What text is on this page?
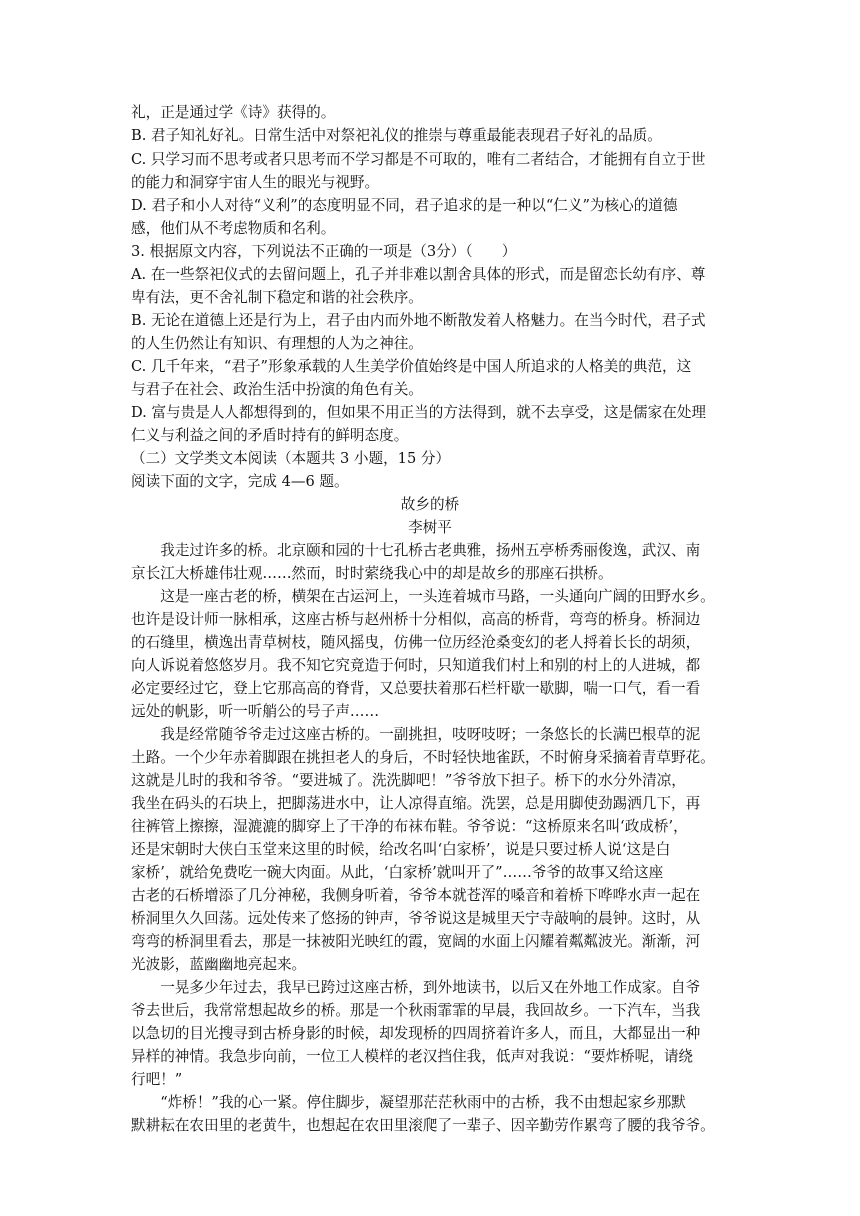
礼，正是通过学《诗》获得的。
B. 君子知礼好礼。日常生活中对祭祀礼仪的推崇与尊重最能表现君子好礼的品质。
C. 只学习而不思考或者只思考而不学习都是不可取的，唯有二者结合，才能拥有自立于世
的能力和洞穿宇宙人生的眼光与视野。
D. 君子和小人对待“义利”的态度明显不同，君子追求的是一种以“仁义”为核心的道德
感，他们从不考虑物质和名利。
3. 根据原文内容，下列说法不正确的一项是（3分）（　　）
A. 在一些祭祀仪式的去留问题上，孔子并非难以割舍具体的形式，而是留恋长幼有序、尊
卑有法，更不舍礼制下稳定和谐的社会秩序。
B. 无论在道德上还是行为上，君子由内而外地不断散发着人格魅力。在当今时代，君子式
的人生仍然让有知识、有理想的人为之神往。
C. 几千年来，“君子”形象承载的人生美学价值始终是中国人所追求的人格美的典范，这
与君子在社会、政治生活中扮演的角色有关。
D. 富与贵是人人都想得到的，但如果不用正当的方法得到，就不去享受，这是儒家在处理
仁义与利益之间的矛盾时持有的鲜明态度。
（二）文学类文本阅读（本题共 3 小题，15 分）
阅读下面的文字，完成 4—6 题。
故乡的桥
李树平
　　我走过许多的桥。北京颐和园的十七孔桥古老典雅，扬州五亭桥秀丽俊逸，武汉、南
京长江大桥雄伟壮观……然而，时时萦绕我心中的却是故乡的那座石拱桥。
　　这是一座古老的桥，横架在古运河上，一头连着城市马路，一头通向广阔的田野水乡。
也许是设计师一脉相承，这座古桥与赵州桥十分相似，高高的桥背，弯弯的桥身。桥洞边
的石缝里，横逸出青草树枝，随风摇曳，仿佛一位历经沧桑变幻的老人捋着长长的胡须，
向人诉说着悠悠岁月。我不知它究竟造于何时，只知道我们村上和别的村上的人进城，都
必定要经过它，登上它那高高的脊背，又总要扶着那石栏杆歇一歇脚，喘一口气，看一看
远处的帆影，听一听艄公的号子声……
　　我是经常随爷爷走过这座古桥的。一副挑担，吱呀吱呀；一条悠长的长满巴根草的泥
土路。一个少年赤着脚跟在挑担老人的身后，不时轻快地雀跃，不时俯身采摘着青草野花。
这就是儿时的我和爷爷。“要进城了。洗洗脚吧！”爷爷放下担子。桥下的水分外清凉，
我坐在码头的石块上，把脚荡进水中，让人凉得直缩。洗罢，总是用脚使劲踢洒几下，再
往裤管上擦擦，湿漉漉的脚穿上了干净的布袜布鞋。爷爷说：“这桥原来名叫‘政成桥’，
还是宋朝时大侠白玉堂来这里的时候，给改名叫‘白家桥’，说是只要过桥人说‘这是白
家桥’，就给免费吃一碗大肉面。从此，‘白家桥’就叫开了”……爷爷的故事又给这座
古老的石桥增添了几分神秘，我侧身听着，爷爷本就苍浑的嗓音和着桥下哗哗水声一起在
桥洞里久久回荡。远处传来了悠扬的钟声，爷爷说这是城里天宁寺敲响的晨钟。这时，从
弯弯的桥洞里看去，那是一抹被阳光映红的霞，宽阔的水面上闪耀着粼粼波光。渐渐，河
光波影，蓝幽幽地亮起来。
　　一晃多少年过去，我早已跨过这座古桥，到外地读书，以后又在外地工作成家。自爷
爷去世后，我常常想起故乡的桥。那是一个秋雨霏霏的早晨，我回故乡。一下汽车，当我
以急切的目光搜寻到古桥身影的时候，却发现桥的四周挤着许多人，而且，大都显出一种
异样的神情。我急步向前，一位工人模样的老汉挡住我，低声对我说：“要炸桥呢，请绕
行吧！”
　　“炸桥！”我的心一紧。停住脚步，凝望那茫茫秋雨中的古桥，我不由想起家乡那默
默耕耘在农田里的老黄牛，也想起在农田里滚爬了一辈子、因辛勤劳作累弯了腰的我爷爷。
